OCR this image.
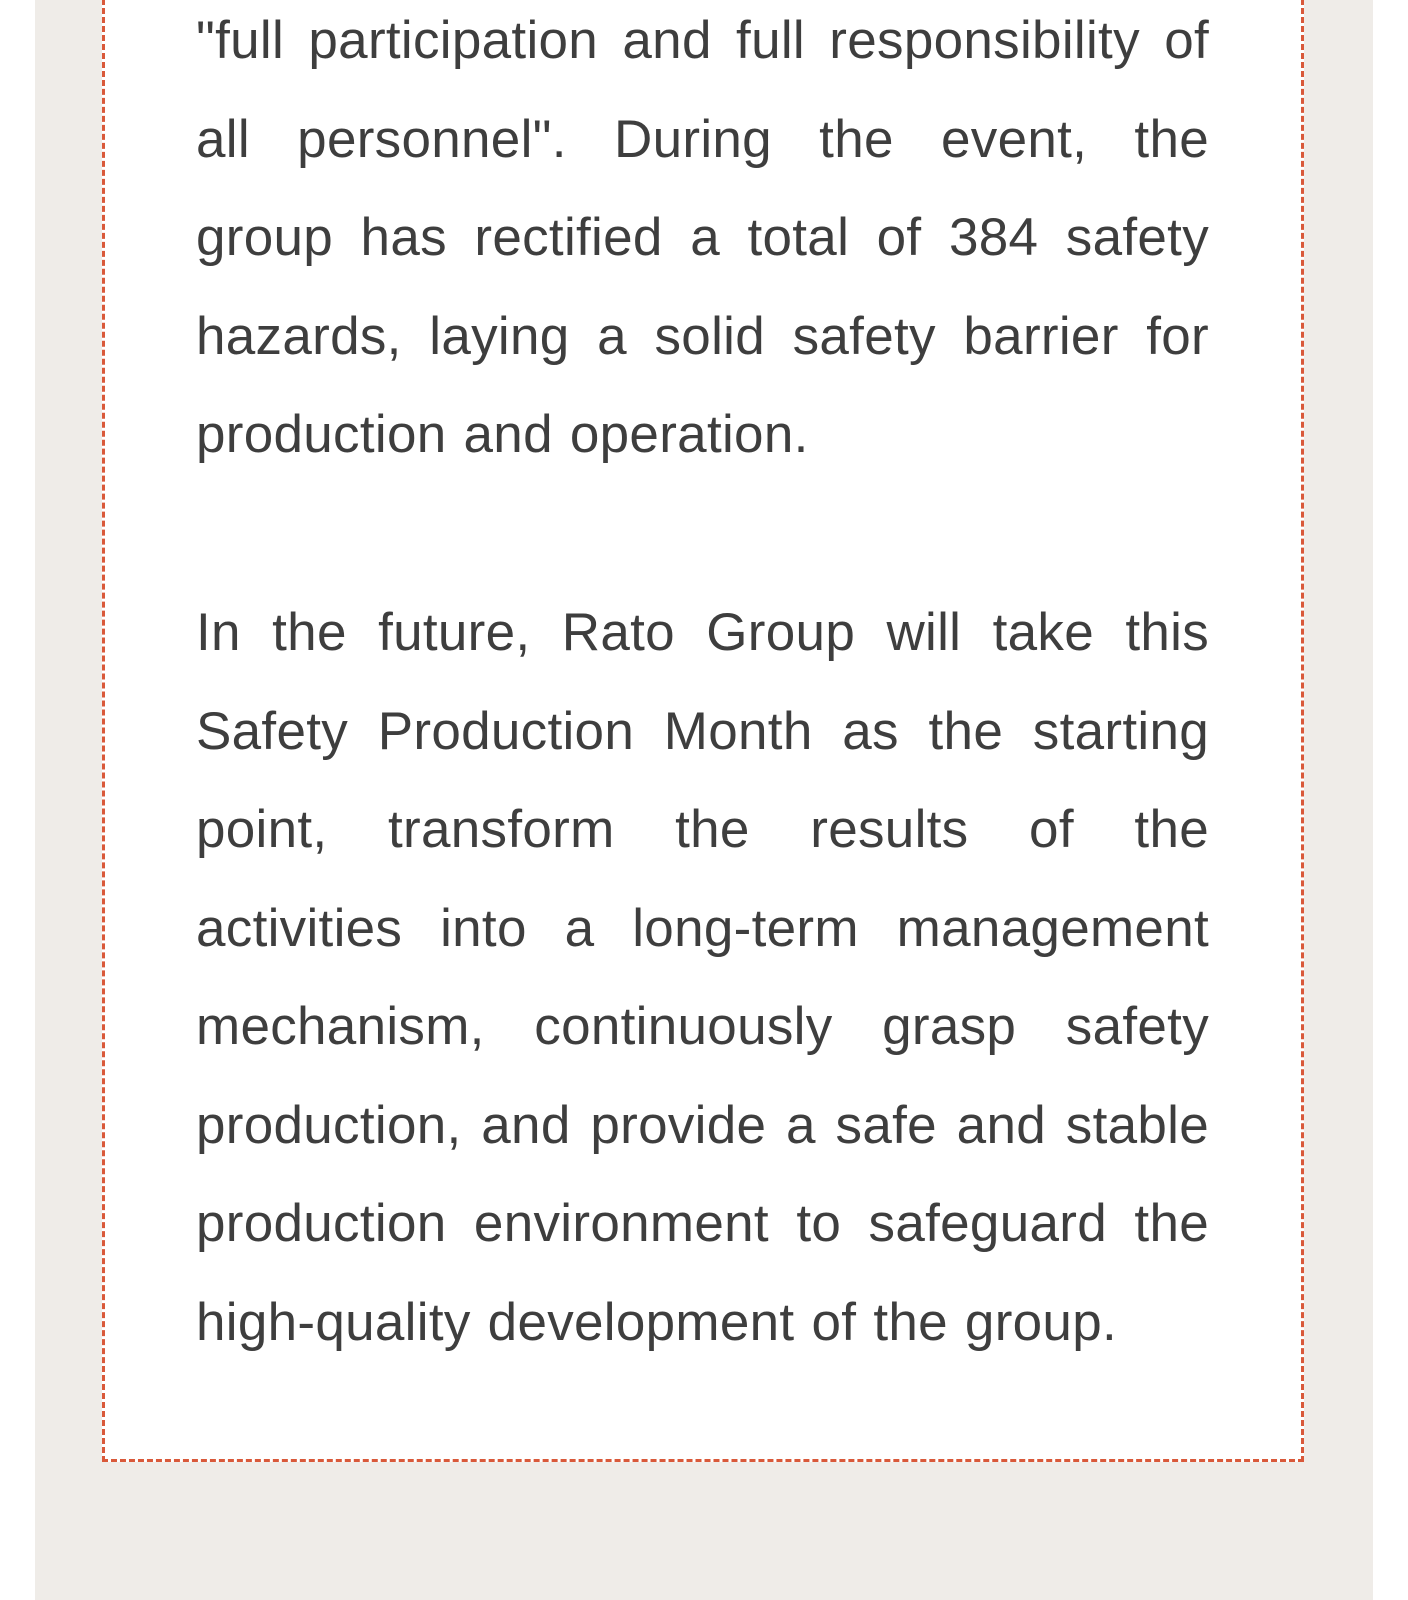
"full participation and full responsibility of all personnel". During the event, the group has rectified a total of 384 safety hazards, laying a solid safety barrier for production and operation.

In the future, Rato Group will take this Safety Production Month as the starting point, transform the results of the activities into a long-term management mechanism, continuously grasp safety production, and provide a safe and stable production environment to safeguard the high-quality development of the group.
